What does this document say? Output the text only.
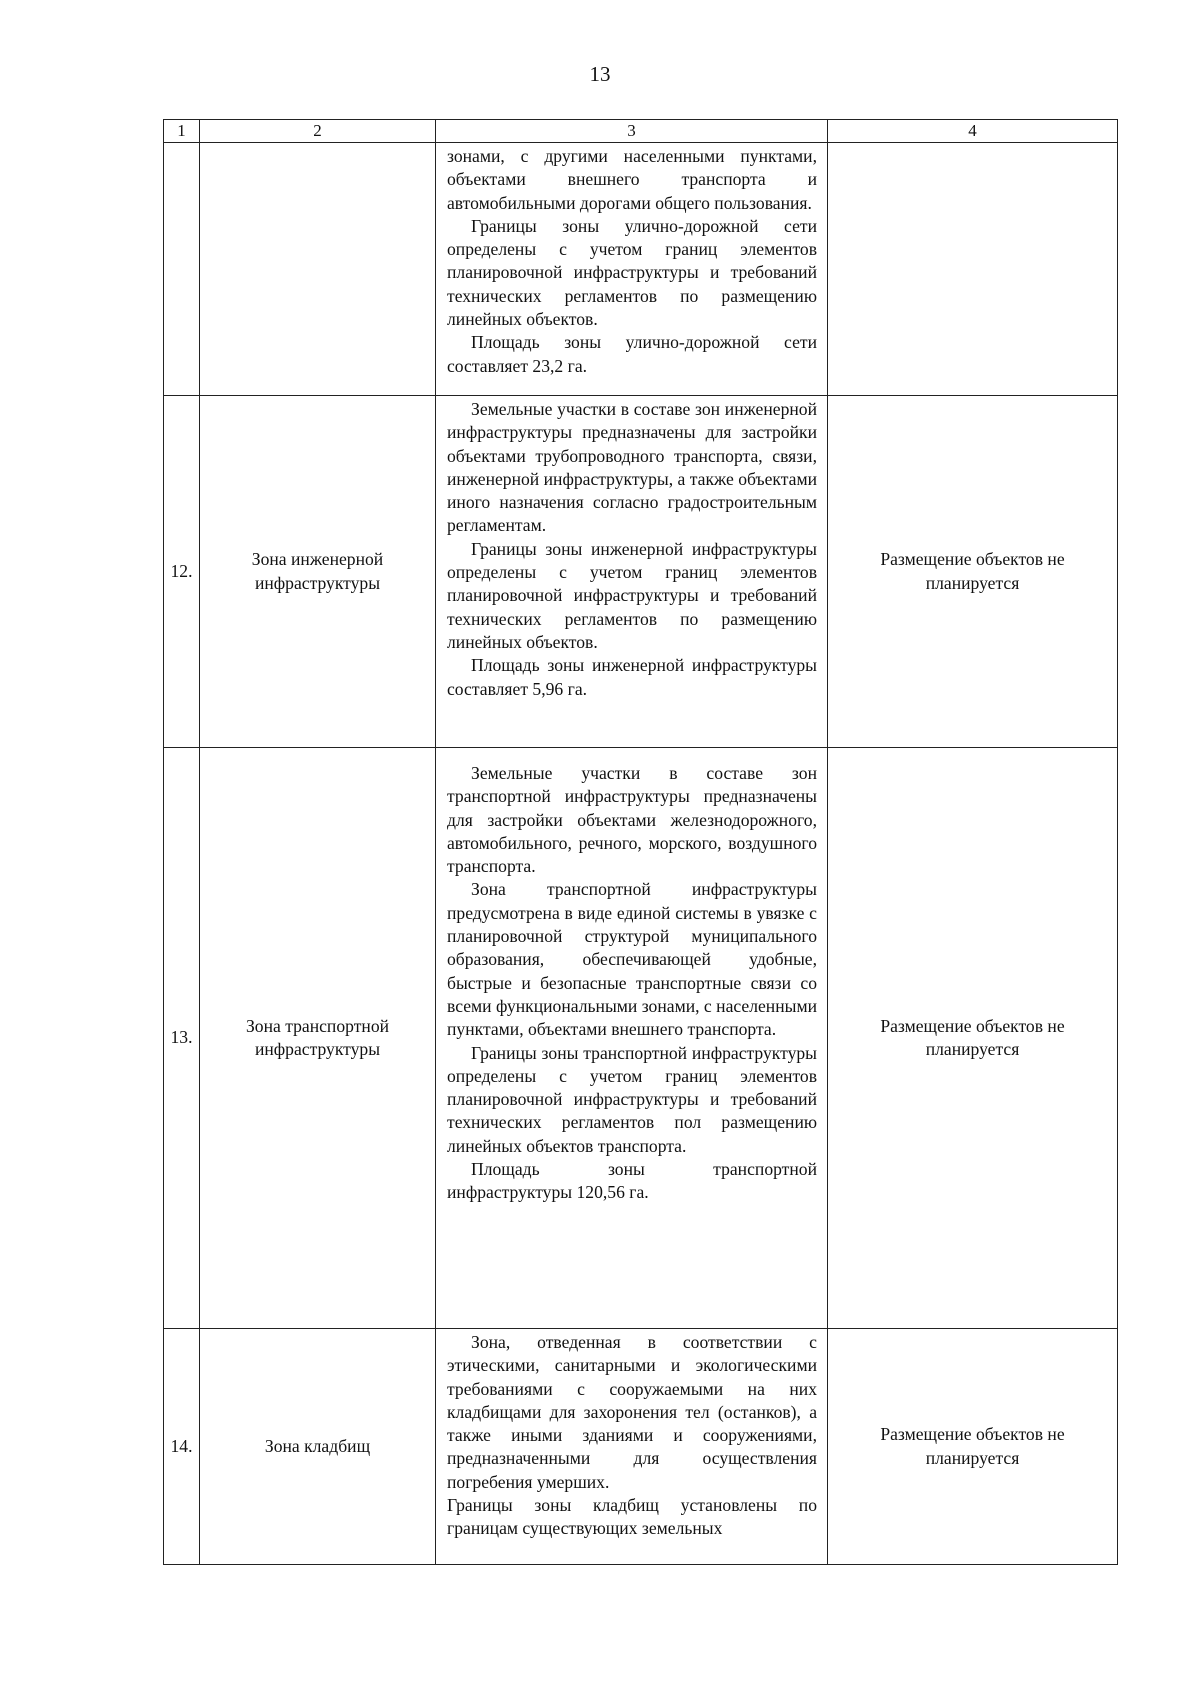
13
1	2	3	4

		зонами, с другими населенными пунктами, объектами внешнего транспорта и автомобильными дорогами общего пользования.

Границы зоны улично-дорожной сети определены с учетом границ элементов планировочной инфраструктуры и требований технических регламентов по размещению линейных объектов.

Площадь зоны улично-дорожной сети составляет 23,2 га.	

12.	Зона инженерной инфраструктуры	Земельные участки в составе зон инженерной инфраструктуры предназначены для застройки объектами трубопроводного транспорта, связи, инженерной инфраструктуры, а также объектами иного назначения согласно градостроительным регламентам.

Границы зоны инженерной инфраструктуры определены с учетом границ элементов планировочной инфраструктуры и требований технических регламентов по размещению линейных объектов.

Площадь зоны инженерной инфраструктуры составляет 5,96 га.	Размещение объектов не планируется
13.	Зона транспортной инфраструктуры	Земельные участки в составе зон транспортной инфраструктуры предназначены для застройки объектами железнодорожного, автомобильного, речного, морского, воздушного транспорта.

Зона транспортной инфраструктуры предусмотрена в виде единой системы в увязке с планировочной структурой муниципального образования, обеспечивающей удобные, быстрые и безопасные транспортные связи со всеми функциональными зонами, с населенными пунктами, объектами внешнего транспорта.

Границы зоны транспортной инфраструктуры определены с учетом границ элементов планировочной инфраструктуры и требований технических регламентов пол размещению линейных объектов транспорта.

Площадь зоны транспортной инфраструктуры 120,56 га.	Размещение объектов не планируется
14.	Зона кладбищ	Зона, отведенная в соответствии с этическими, санитарными и экологическими требованиями с сооружаемыми на них кладбищами для захоронения тел (останков), а также иными зданиями и сооружениями, предназначенными для осуществления погребения умерших.

Границы зоны кладбищ установлены по границам существующих земельных	Размещение объектов не планируется
